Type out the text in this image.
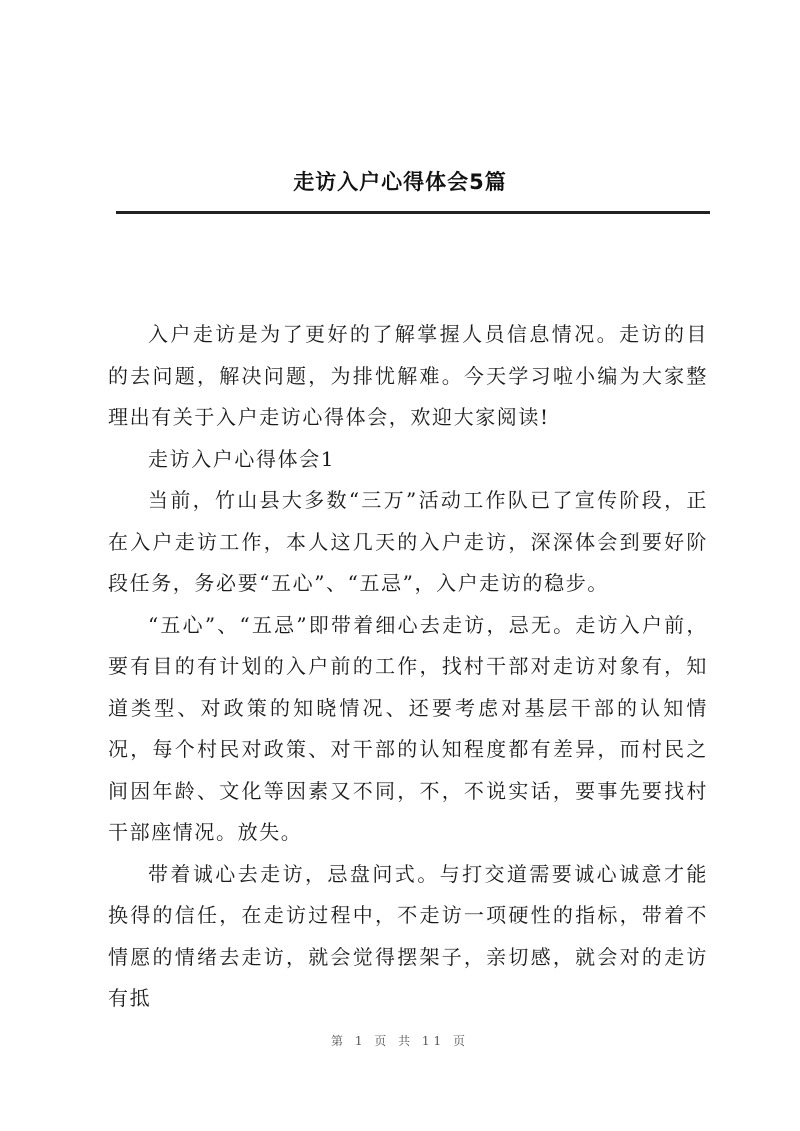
走访入户心得体会5篇

入户走访是为了更好的了解掌握人员信息情况。走访的目的去问题，解决问题，为排忧解难。今天学习啦小编为大家整理出有关于入户走访心得体会，欢迎大家阅读!

走访入户心得体会1

当前，竹山县大多数“三万”活动工作队已了宣传阶段，正在入户走访工作，本人这几天的入户走访，深深体会到要好阶段任务，务必要“五心”、“五忌”，入户走访的稳步。

“五心”、“五忌”即带着细心去走访，忌无。走访入户前，要有目的有计划的入户前的工作，找村干部对走访对象有，知道类型、对政策的知晓情况、还要考虑对基层干部的认知情况，每个村民对政策、对干部的认知程度都有差异，而村民之间因年龄、文化等因素又不同，不，不说实话，要事先要找村干部座情况。放失。

带着诚心去走访，忌盘问式。与打交道需要诚心诚意才能换得的信任，在走访过程中，不走访一项硬性的指标，带着不情愿的情绪去走访，就会觉得摆架子，亲切感，就会对的走访有抵

第 1 页 共 11 页
